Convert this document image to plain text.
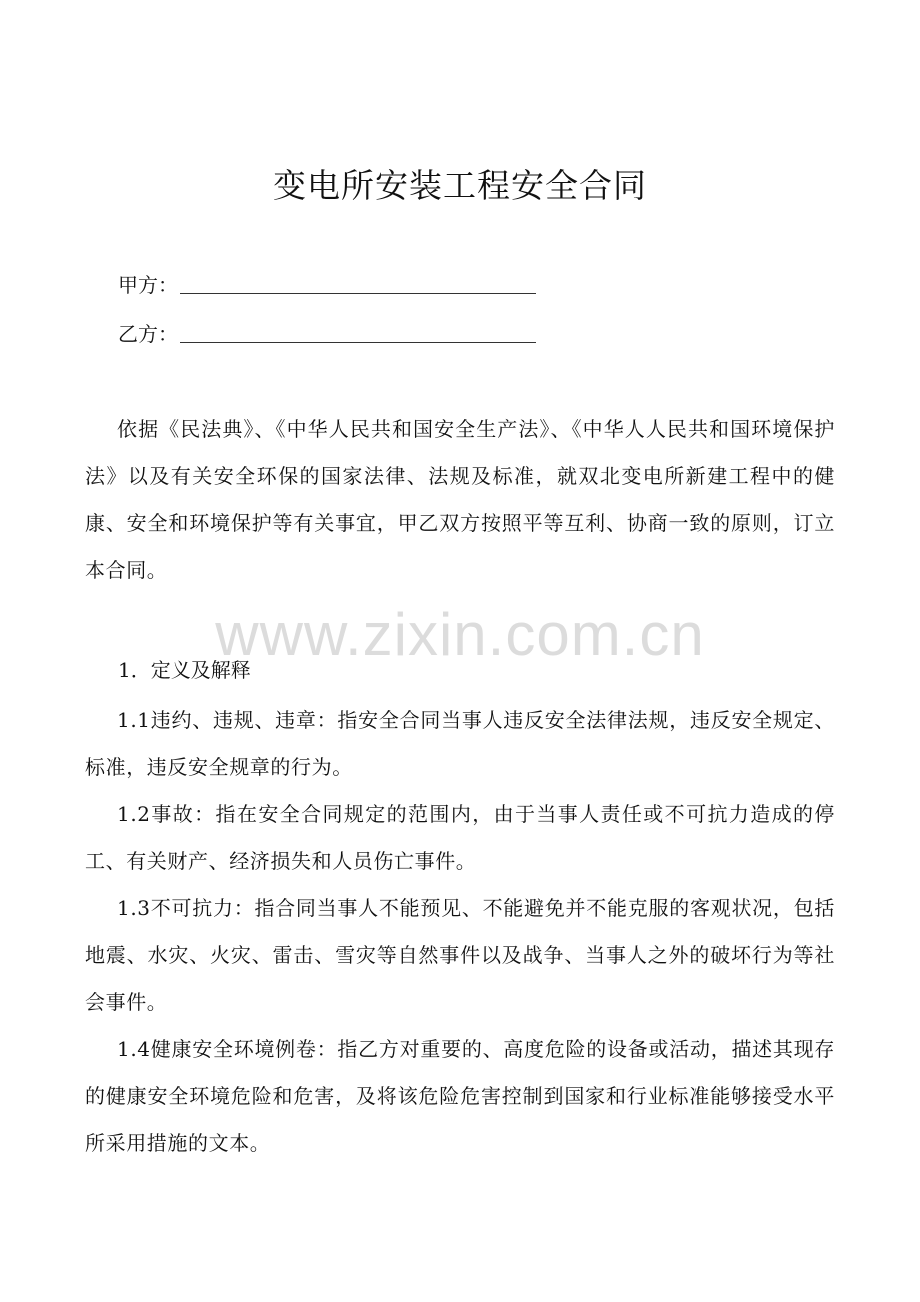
变电所安装工程安全合同
甲方：
乙方：

依据《民法典》、《中华人民共和国安全生产法》、《中华人人民共和国环境保护法》以及有关安全环保的国家法律、法规及标准，就双北变电所新建工程中的健康、安全和环境保护等有关事宜，甲乙双方按照平等互利、协商一致的原则，订立本合同。

www.zixin.com.cn

1．定义及解释

1.1违约、违规、违章：指安全合同当事人违反安全法律法规，违反安全规定、标准，违反安全规章的行为。

1.2事故：指在安全合同规定的范围内，由于当事人责任或不可抗力造成的停工、有关财产、经济损失和人员伤亡事件。

1.3不可抗力：指合同当事人不能预见、不能避免并不能克服的客观状况，包括地震、水灾、火灾、雷击、雪灾等自然事件以及战争、当事人之外的破坏行为等社会事件。

1.4健康安全环境例卷：指乙方对重要的、高度危险的设备或活动，描述其现存的健康安全环境危险和危害，及将该危险危害控制到国家和行业标准能够接受水平所采用措施的文本。
